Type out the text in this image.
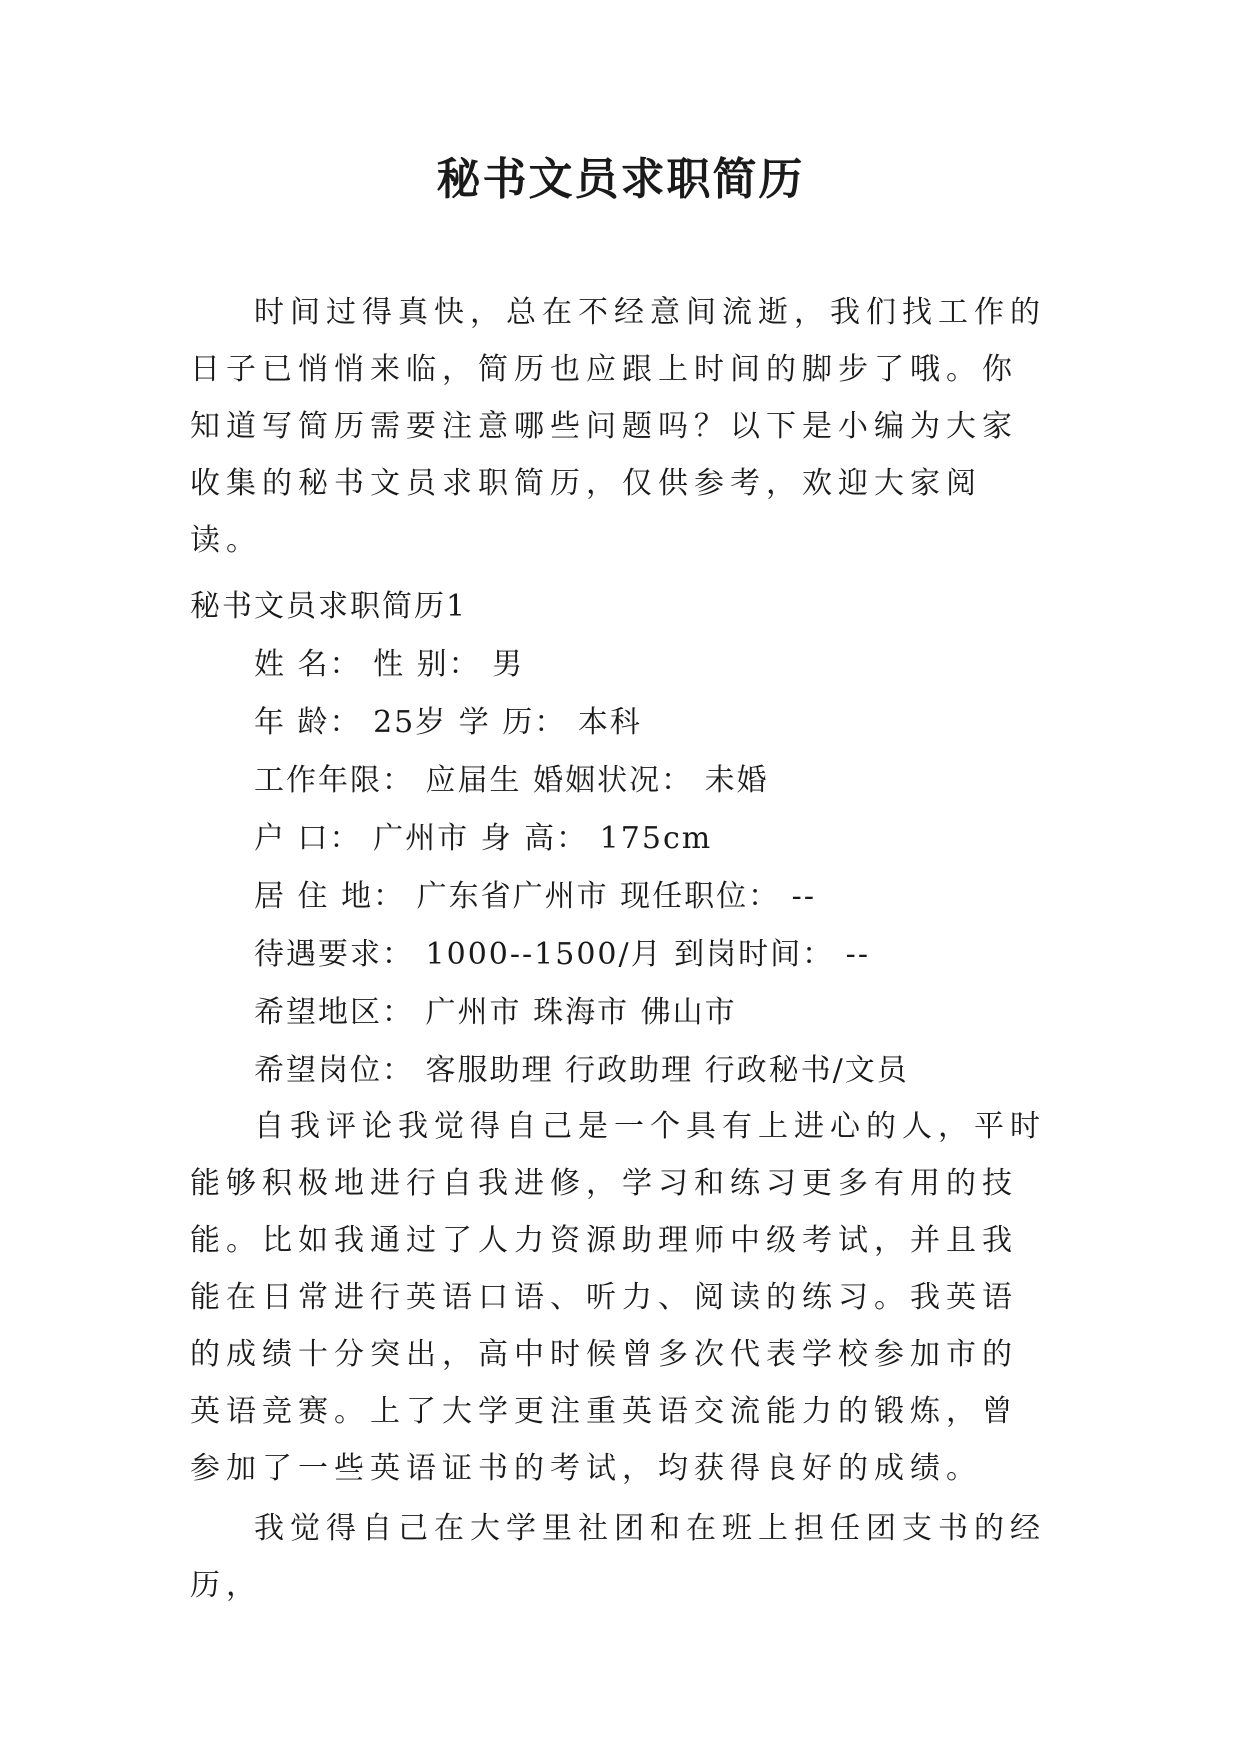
秘书文员求职简历

时间过得真快，总在不经意间流逝，我们找工作的日子已悄悄来临，简历也应跟上时间的脚步了哦。你知道写简历需要注意哪些问题吗？以下是小编为大家收集的秘书文员求职简历，仅供参考，欢迎大家阅读。

秘书文员求职简历1
姓 名： 性 别： 男
年 龄： 25岁 学 历： 本科
工作年限： 应届生 婚姻状况： 未婚
户 口： 广州市 身 高： 175cm
居 住 地： 广东省广州市 现任职位： --
待遇要求： 1000--1500/月 到岗时间： --
希望地区： 广州市 珠海市 佛山市
希望岗位： 客服助理 行政助理 行政秘书/文员

自我评论我觉得自己是一个具有上进心的人，平时能够积极地进行自我进修，学习和练习更多有用的技能。比如我通过了人力资源助理师中级考试，并且我能在日常进行英语口语、听力、阅读的练习。我英语的成绩十分突出，高中时候曾多次代表学校参加市的英语竞赛。上了大学更注重英语交流能力的锻炼，曾参加了一些英语证书的考试，均获得良好的成绩。

我觉得自己在大学里社团和在班上担任团支书的经历，
